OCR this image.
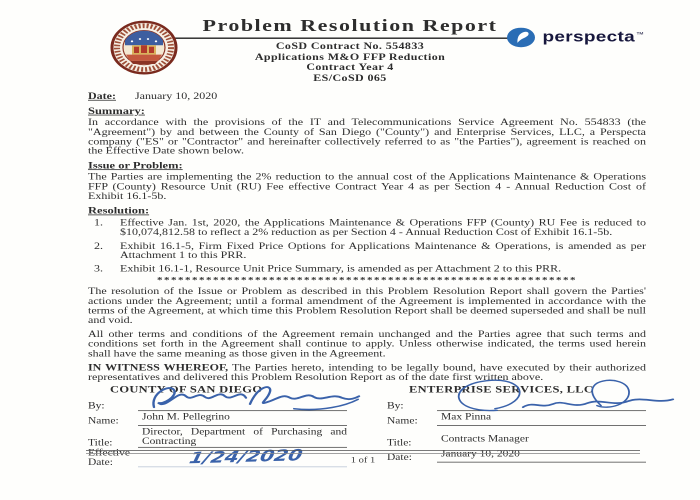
Problem Resolution Report
CoSD Contract No. 554833
Applications M&O FFP Reduction
Contract Year 4
ES/CoSD 065
perspecta™
Date: January 10, 2020
Summary:
In accordance with the provisions of the IT and Telecommunications Service Agreement No. 554833 (the "Agreement") by and between the County of San Diego ("County") and Enterprise Services, LLC, a Perspecta company ("ES" or "Contractor" and hereinafter collectively referred to as "the Parties"), agreement is reached on the Effective Date shown below.
Issue or Problem:
The Parties are implementing the 2% reduction to the annual cost of the Applications Maintenance & Operations FFP (County) Resource Unit (RU) Fee effective Contract Year 4 as per Section 4 - Annual Reduction Cost of Exhibit 16.1-5b.
Resolution:
1.	Effective Jan. 1st, 2020, the Applications Maintenance & Operations FFP (County) RU Fee is reduced to $10,074,812.58 to reflect a 2% reduction as per Section 4 - Annual Reduction Cost of Exhibit 16.1-5b.
2.	Exhibit 16.1-5, Firm Fixed Price Options for Applications Maintenance & Operations, is amended as per Attachment 1 to this PRR.
3.	Exhibit 16.1-1, Resource Unit Price Summary, is amended as per Attachment 2 to this PRR.
************************************************************
The resolution of the Issue or Problem as described in this Problem Resolution Report shall govern the Parties' actions under the Agreement; until a formal amendment of the Agreement is implemented in accordance with the terms of the Agreement, at which time this Problem Resolution Report shall be deemed superseded and shall be null and void.
All other terms and conditions of the Agreement remain unchanged and the Parties agree that such terms and conditions set forth in the Agreement shall continue to apply. Unless otherwise indicated, the terms used herein shall have the same meaning as those given in the Agreement.
IN WITNESS WHEREOF, The Parties hereto, intending to be legally bound, have executed by their authorized representatives and delivered this Problem Resolution Report as of the date first written above.
COUNTY OF SAN DIEGO
By:
Name:	John M. Pellegrino
Title:
Director, Department of Purchasing and Contracting
Effective Date:	1/24/2020
ENTERPRISE SERVICES, LLC
By:
Name:	Max Pinna
Title:	Contracts Manager
Date:	January 10, 2020
1 of 1
